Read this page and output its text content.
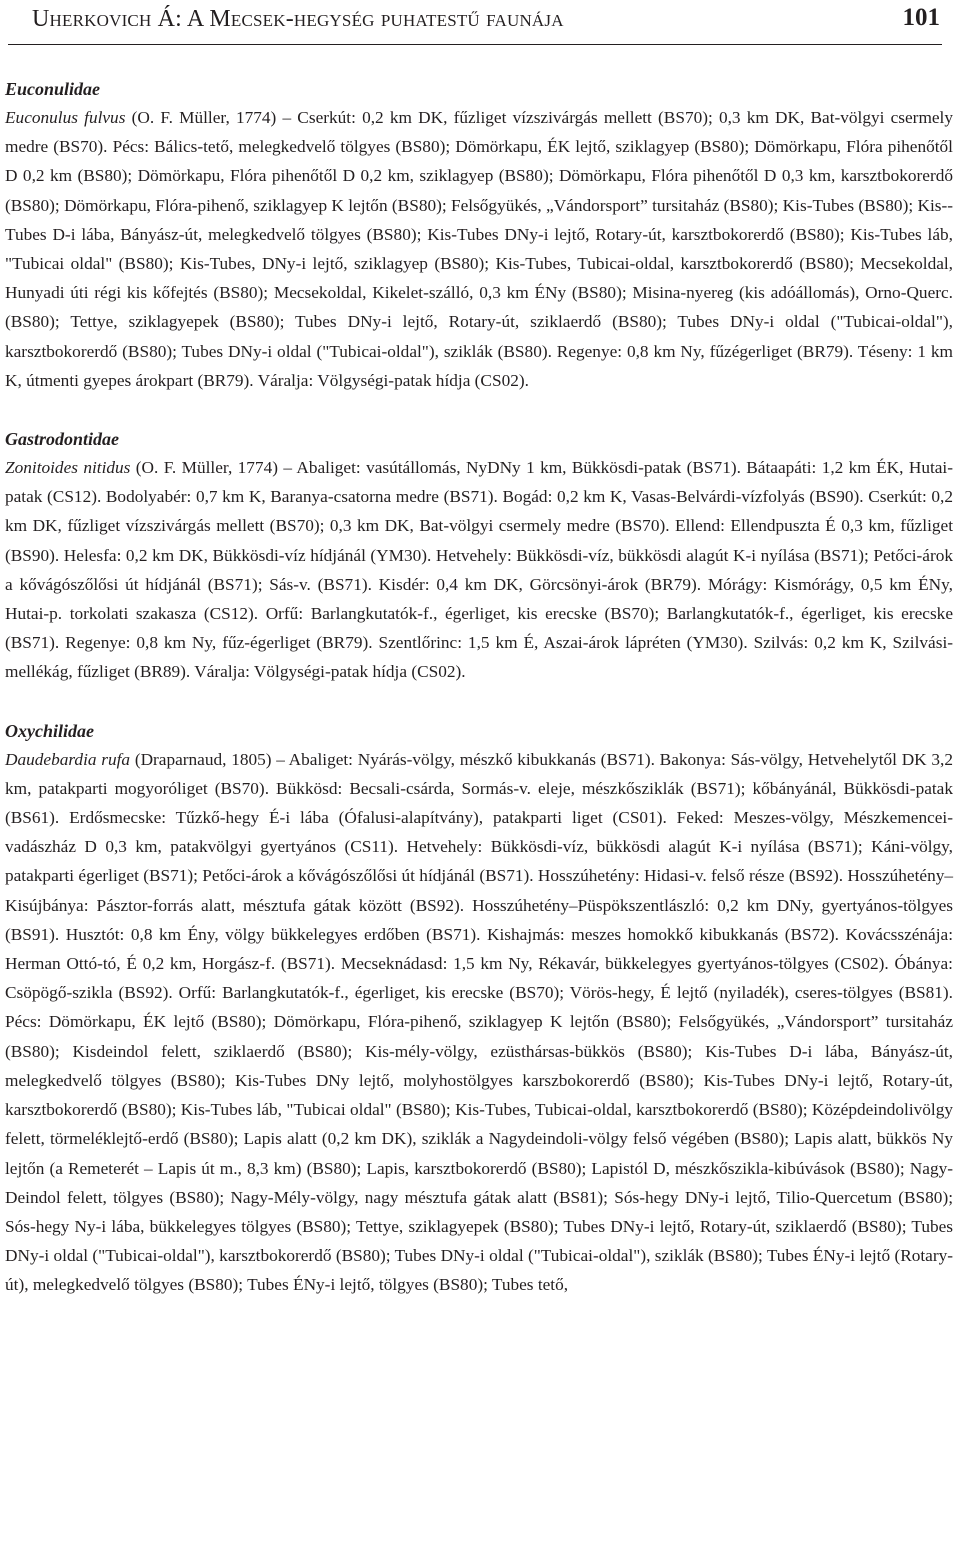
Uherkovich Á: A Mecsek-hegység puhatestű faunája	101
Euconulidae

Euconulus fulvus (O. F. Müller, 1774) – Cserkút: 0,2 km DK, fűzliget vízszivárgás mellett (BS70); 0,3 km DK, Bat-völgyi csermely medre (BS70). Pécs: Bálics-tető, melegkedvelő tölgyes (BS80); Dömörkapu, ÉK lejtő, sziklagyep (BS80); Dömörkapu, Flóra pihenőtől D 0,2 km (BS80); Dömörkapu, Flóra pihenőtől D 0,2 km, sziklagyep (BS80); Dömörkapu, Flóra pihenőtől D 0,3 km, karsztbokorerdő (BS80); Dömörkapu, Flóra-pihenő, sziklagyep K lejtőn (BS80); Felsőgyükés, „Vándorsport” tursitaház (BS80); Kis-Tubes (BS80); Kis-Tubes D-i lába, Bányász-út, melegkedvelő tölgyes (BS80); Kis-Tubes DNy-i lejtő, Rotary-út, karsztbokorerdő (BS80); Kis-Tubes láb, "Tubicai oldal" (BS80); Kis-Tubes, DNy-i lejtő, sziklagyep (BS80); Kis-Tubes, Tubicai-oldal, karsztbokorerdő (BS80); Mecsekoldal, Hunyadi úti régi kis kőfejtés (BS80); Mecsekoldal, Kikelet-szálló, 0,3 km ÉNy (BS80); Misina-nyereg (kis adóállomás), Orno-Querc. (BS80); Tettye, sziklagyepek (BS80); Tubes DNy-i lejtő, Rotary-út, sziklaerdő (BS80); Tubes DNy-i oldal ("Tubicai-oldal"), karsztbokorerdő (BS80); Tubes DNy-i oldal ("Tubicai-oldal"), sziklák (BS80). Regenye: 0,8 km Ny, fűzégerliget (BR79). Téseny: 1 km K, útmenti gyepes árokpart (BR79). Váralja: Völgységi-patak hídja (CS02).

Gastrodontidae

Zonitoides nitidus (O. F. Müller, 1774) – Abaliget: vasútállomás, NyDNy 1 km, Bükkösdi-patak (BS71). Bátaapáti: 1,2 km ÉK, Hutai-patak (CS12). Bodolyabér: 0,7 km K, Baranya-csatorna medre (BS71). Bogád: 0,2 km K, Vasas-Belvárdi-vízfolyás (BS90). Cserkút: 0,2 km DK, fűzliget vízszivárgás mellett (BS70); 0,3 km DK, Bat-völgyi csermely medre (BS70). Ellend: Ellendpuszta É 0,3 km, fűzliget (BS90). Helesfa: 0,2 km DK, Bükkösdi-víz hídjánál (YM30). Hetvehely: Bükkösdi-víz, bükkösdi alagút K-i nyílása (BS71); Petőci-árok a kővágószőlősi út hídjánál (BS71); Sás-v. (BS71). Kisdér: 0,4 km DK, Görcsönyi-árok (BR79). Mórágy: Kismórágy, 0,5 km ÉNy, Hutai-p. torkolati szakasza (CS12). Orfű: Barlangkutatók-f., égerliget, kis erecske (BS70); Barlangkutatók-f., égerliget, kis erecske (BS71). Regenye: 0,8 km Ny, fűz-égerliget (BR79). Szentlőrinc: 1,5 km É, Aszai-árok lápréten (YM30). Szilvás: 0,2 km K, Szilvási-mellékág, fűzliget (BR89). Váralja: Völgységi-patak hídja (CS02).

Oxychilidae

Daudebardia rufa (Draparnaud, 1805) – Abaliget: Nyárás-völgy, mészkő kibukkanás (BS71). Bakonya: Sás-völgy, Hetvehelytől DK 3,2 km, patakparti mogyoróliget (BS70). Bükkösd: Becsali-csárda, Sormás-v. eleje, mészkősziklák (BS71); kőbányánál, Bükkösdi-patak (BS61). Erdősmecske: Tűzkő-hegy É-i lába (Ófalusi-alapítvány), patakparti liget (CS01). Feked: Meszes-völgy, Mészkemencei-vadászház D 0,3 km, patakvölgyi gyertyános (CS11). Hetvehely: Bükkösdi-víz, bükkösdi alagút K-i nyílása (BS71); Káni-völgy, patakparti égerliget (BS71); Petőci-árok a kővágószőlősi út hídjánál (BS71). Hosszúhetény: Hidasi-v. felső része (BS92). Hosszúhetény–Kisújbánya: Pásztor-forrás alatt, mésztufa gátak között (BS92). Hosszúhetény–Püspökszentlászló: 0,2 km DNy, gyertyános-tölgyes (BS91). Husztót: 0,8 km Ény, völgy bükkelegyes erdőben (BS71). Kishajmás: meszes homokkő kibukkanás (BS72). Kovácsszénája: Herman Ottó-tó, É 0,2 km, Horgász-f. (BS71). Mecseknádasd: 1,5 km Ny, Rékavár, bükkelegyes gyertyános-tölgyes (CS02). Óbánya: Csöpögő-szikla (BS92). Orfű: Barlangkutatók-f., égerliget, kis erecske (BS70); Vörös-hegy, É lejtő (nyiladék), cseres-tölgyes (BS81). Pécs: Dömörkapu, ÉK lejtő (BS80); Dömörkapu, Flóra-pihenő, sziklagyep K lejtőn (BS80); Felsőgyükés, „Vándorsport” tursitaház (BS80); Kisdeindol felett, sziklaerdő (BS80); Kis-mély-völgy, ezüsthársas-bükkös (BS80); Kis-Tubes D-i lába, Bányász-út, melegkedvelő tölgyes (BS80); Kis-Tubes DNy lejtő, molyhostölgyes karszbokorerdő (BS80); Kis-Tubes DNy-i lejtő, Rotary-út, karsztbokorerdő (BS80); Kis-Tubes láb, "Tubicai oldal" (BS80); Kis-Tubes, Tubicai-oldal, karsztbokorerdő (BS80); Középdeindolivölgy felett, törmeléklejtő-erdő (BS80); Lapis alatt (0,2 km DK), sziklák a Nagydeindoli-völgy felső végében (BS80); Lapis alatt, bükkös Ny lejtőn (a Remeterét – Lapis út m., 8,3 km) (BS80); Lapis, karsztbokorerdő (BS80); Lapistól D, mészkőszikla-kibúvások (BS80); Nagy-Deindol felett, tölgyes (BS80); Nagy-Mély-völgy, nagy mésztufa gátak alatt (BS81); Sós-hegy DNy-i lejtő, Tilio-Quercetum (BS80); Sós-hegy Ny-i lába, bükkelegyes tölgyes (BS80); Tettye, sziklagyepek (BS80); Tubes DNy-i lejtő, Rotary-út, sziklaerdő (BS80); Tubes DNy-i oldal ("Tubicai-oldal"), karsztbokorerdő (BS80); Tubes DNy-i oldal ("Tubicai-oldal"), sziklák (BS80); Tubes ÉNy-i lejtő (Rotary-út), melegkedvelő tölgyes (BS80); Tubes ÉNy-i lejtő, tölgyes (BS80); Tubes tető,
